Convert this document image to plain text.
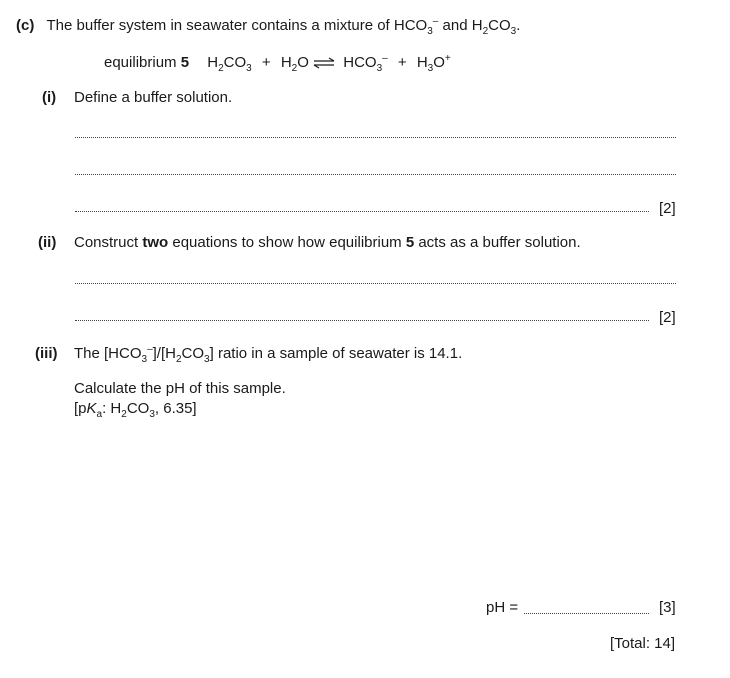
(c) The buffer system in seawater contains a mixture of $HCO_3^-$ and $H_2CO_3$.
equilibrium 5 $H_2CO_3 + H_2O$ ⇌ $HCO_3^- + H_3O^+$
(i) Define a buffer solution.
[2]
(ii) Construct two equations to show how equilibrium 5 acts as a buffer solution.
[2]
(iii) The $[HCO_3^-]/[H_2CO_3]$ ratio in a sample of seawater is 14.1.
Calculate the pH of this sample.
[$pK_a$: $H_2CO_3$, 6.35]
pH =	[3]
[Total: 14]
